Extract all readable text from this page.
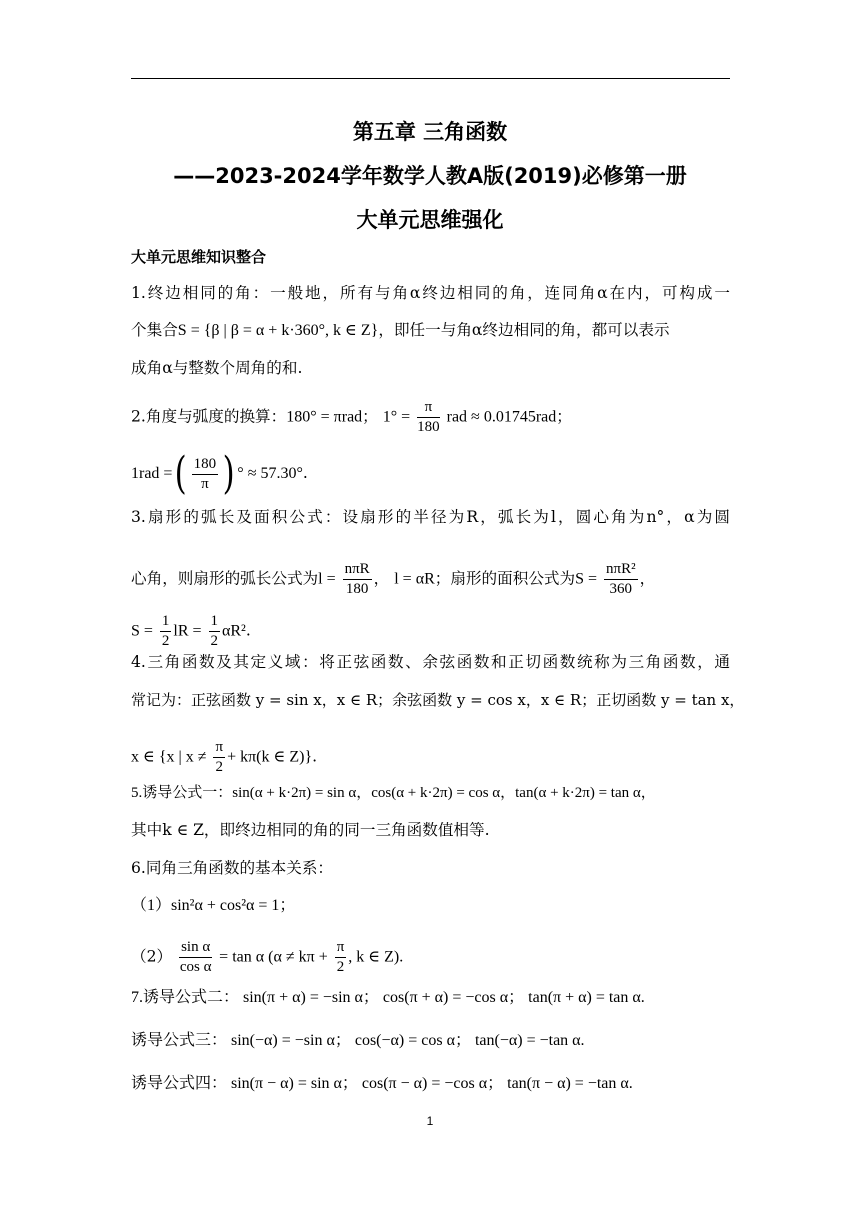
第五章 三角函数
——2023-2024学年数学人教A版(2019)必修第一册
大单元思维强化
大单元思维知识整合
1.终边相同的角：一般地，所有与角α终边相同的角，连同角α在内，可构成一
个集合S = {β | β = α + k·360°, k ∈ Z}，即任一与角α终边相同的角，都可以表示
成角α与整数个周角的和.
2.角度与弧度的换算：180° = πrad； $1^\circ = \frac{\pi}{180}$ rad ≈ 0.01745rad；
1rad =( $\frac{180}{\pi}$ ) ° ≈ 57.30°.
3.扇形的弧长及面积公式：设扇形的半径为R，弧长为l，圆心角为n°，α为圆
心角，则扇形的弧长公式为$l = \frac{\text{nπR}}{180}$ ， l = αR；扇形的面积公式为$S = \frac{\text{nπR²}}{360}$ ，
$S = \frac{1}{2}$ lR = $\frac{1}{2} \alpha R^2$.
4.三角函数及其定义域：将正弦函数、余弦函数和正切函数统称为三角函数，通
常记为：正弦函数 y = sin x，x ∈ R；余弦函数 y = cos x，x ∈ R；正切函数 y = tan x，
x ∈ {x | $x \ne \frac{\pi}{2} + k\pi(k$ ∈ Z)}.
5.诱导公式一：sin(α + k·2π) = sin α，cos(α + k·2π) = cos α，tan(α + k·2π) = tan α，
其中k ∈ Z，即终边相同的角的同一三角函数值相等.
6.同角三角函数的基本关系：
（1）sin²α + cos²α = 1；
$(2) \frac{\text{sin α}}{\text{cos α}} = \tan \alpha$ ($\alpha \ne k\pi + \frac{\pi}{2}$ , k ∈ Z).
7.诱导公式二： sin(π + α) = −sin α； cos(π + α) = −cos α； tan(π + α) = tan α.
诱导公式三： sin(−α) = −sin α； cos(−α) = cos α； tan(−α) = −tan α.
诱导公式四： sin(π − α) = sin α； cos(π − α) = −cos α； tan(π − α) = −tan α.
1
